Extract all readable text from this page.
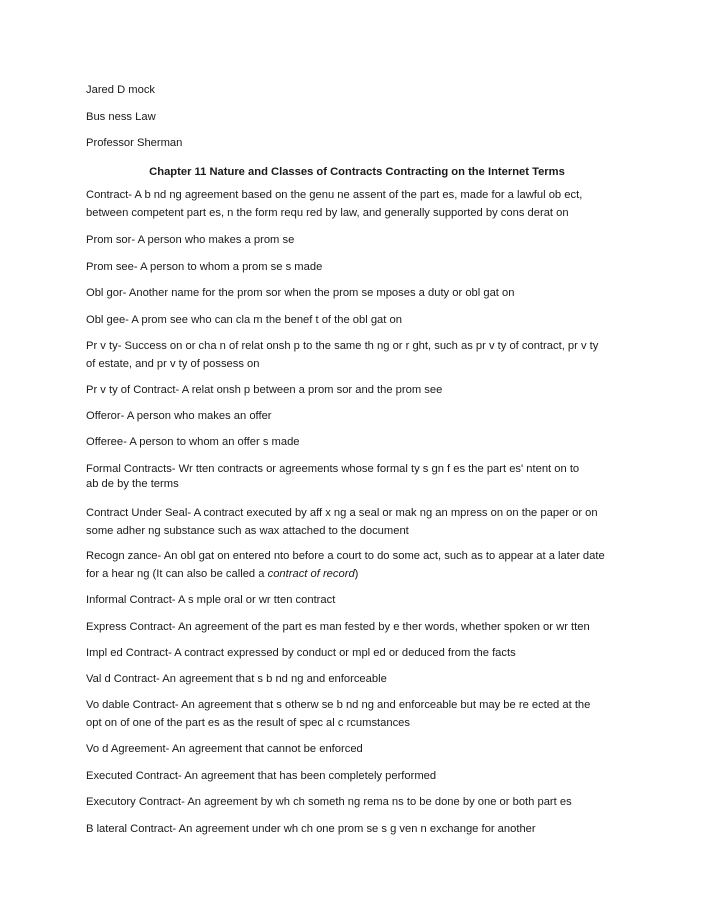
Jared D mock
Bus ness Law
Professor Sherman
Chapter 11 Nature and Classes of Contracts Contracting on the Internet Terms
Contract- A b nd ng agreement based on the genu ne assent of the part es, made for a lawful ob ect,
between competent part es, n the form requ red by law, and generally supported by cons derat on
Prom sor- A person who makes a prom se
Prom see- A person to whom a prom se s made
Obl gor- Another name for the prom sor when the prom se mposes a duty or obl gat on
Obl gee- A prom see who can cla m the benef t of the obl gat on
Pr v ty- Success on or cha n of relat onsh p to the same th ng or r ght, such as pr v ty of contract, pr v ty
of estate, and pr v ty of possess on
Pr v ty of Contract- A relat onsh p between a prom sor and the prom see
Offeror- A person who makes an offer
Offeree- A person to whom an offer s made
Formal Contracts- Wr tten contracts or agreements whose formal ty s gn f es the part es' ntent on to
ab de by the terms
Contract Under Seal- A contract executed by aff x ng a seal or mak ng an mpress on on the paper or on
some adher ng substance such as wax attached to the document
Recogn zance- An obl gat on entered nto before a court to do some act, such as to appear at a later date
for a hear ng (It can also be called a contract of record)
Informal Contract- A s mple oral or wr tten contract
Express Contract- An agreement of the part es man fested by e ther words, whether spoken or wr tten
Impl ed Contract- A contract expressed by conduct or mpl ed or deduced from the facts
Val d Contract- An agreement that s b nd ng and enforceable
Vo dable Contract- An agreement that s otherw se b nd ng and enforceable but may be re ected at the
opt on of one of the part es as the result of spec al c rcumstances
Vo d Agreement- An agreement that cannot be enforced
Executed Contract- An agreement that has been completely performed
Executory Contract- An agreement by wh ch someth ng rema ns to be done by one or both part es
B lateral Contract- An agreement under wh ch one prom se s g ven n exchange for another
